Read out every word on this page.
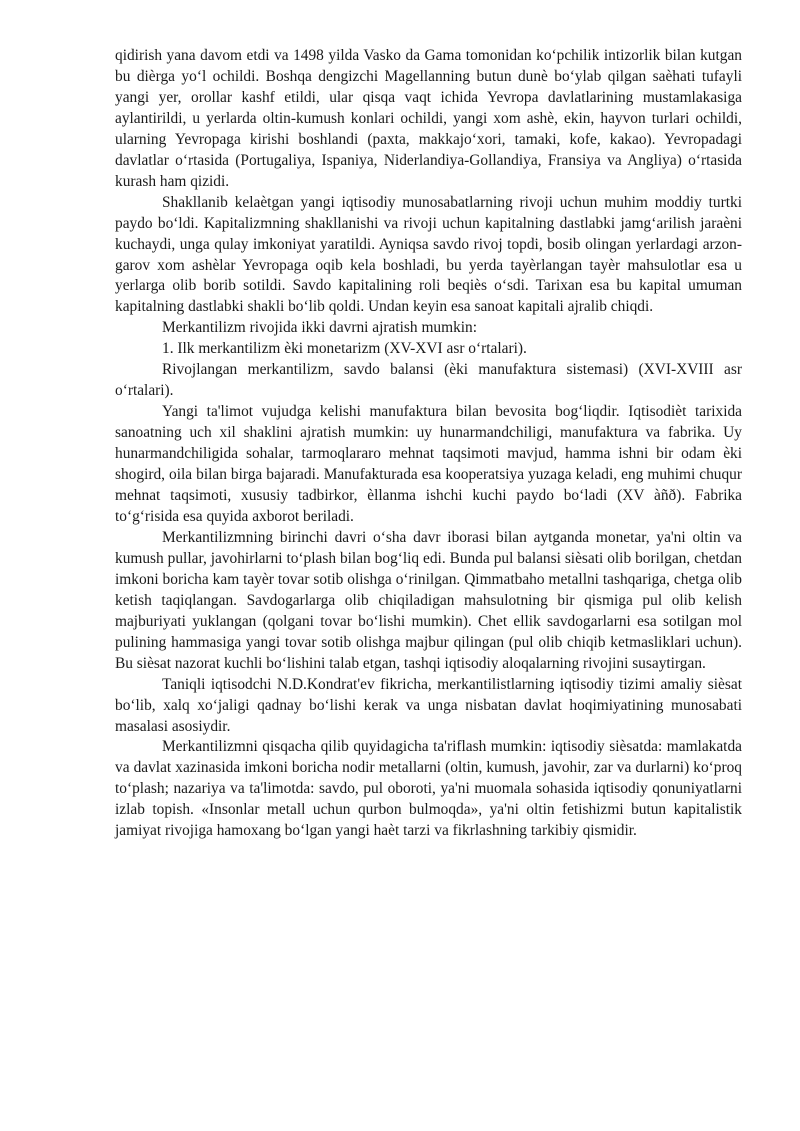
qidirish yana davom etdi va 1498 yilda Vasko da Gama tomonidan koʻpchilik intizorlik bilan kutgan bu dièrga yoʻl ochildi. Boshqa dengizchi Magellanning butun dunè boʻylab qilgan saèhati tufayli yangi yer, orollar kashf etildi, ular qisqa vaqt ichida Yevropa davlatlarining mustamlakasiga aylantirildi, u yerlarda oltin-kumush konlari ochildi, yangi xom ashè, ekin, hayvon turlari ochildi, ularning Yevropaga kirishi boshlandi (paxta, makkajoʻxori, tamaki, kofe, kakao). Yevropadagi davlatlar oʻrtasida (Portugaliya, Ispaniya, Niderlandiya-Gollandiya, Fransiya va Angliya) oʻrtasida kurash ham qizidi.

Shakllanib kelaètgan yangi iqtisodiy munosabatlarning rivoji uchun muhim moddiy turtki paydo boʻldi. Kapitalizmning shakllanishi va rivoji uchun kapitalning dastlabki jamgʻarilish jaraèni kuchaydi, unga qulay imkoniyat yaratildi. Ayniqsa savdo rivoj topdi, bosib olingan yerlardagi arzon-garov xom ashèlar Yevropaga oqib kela boshladi, bu yerda tayèrlangan tayèr mahsulotlar esa u yerlarga olib borib sotildi. Savdo kapitalining roli beqiès oʻsdi. Tarixan esa bu kapital umuman kapitalning dastlabki shakli boʻlib qoldi. Undan keyin esa sanoat kapitali ajralib chiqdi.

Merkantilizm rivojida ikki davrni ajratish mumkin:

1. Ilk merkantilizm èki monetarizm (XV-XVI asr oʻrtalari).

Rivojlangan merkantilizm, savdo balansi (èki manufaktura sistemasi) (XVI-XVIII asr oʻrtalari).

Yangi ta'limot vujudga kelishi manufaktura bilan bevosita bogʻliqdir. Iqtisodièt tarixida sanoatning uch xil shaklini ajratish mumkin: uy hunarmandchiligi, manufaktura va fabrika. Uy hunarmandchiligida sohalar, tarmoqlararo mehnat taqsimoti mavjud, hamma ishni bir odam èki shogird, oila bilan birga bajaradi. Manufakturada esa kooperatsiya yuzaga keladi, eng muhimi chuqur mehnat taqsimoti, xususiy tadbirkor, èllanma ishchi kuchi paydo boʻladi (XV àñð). Fabrika toʻgʻrisida esa quyida axborot beriladi.

Merkantilizmning birinchi davri oʻsha davr iborasi bilan aytganda monetar, ya'ni oltin va kumush pullar, javohirlarni toʻplash bilan bogʻliq edi. Bunda pul balansi sièsati olib borilgan, chetdan imkoni boricha kam tayèr tovar sotib olishga oʻrinilgan. Qimmatbaho metallni tashqariga, chetga olib ketish taqiqlangan. Savdogarlarga olib chiqiladigan mahsulotning bir qismiga pul olib kelish majburiyati yuklangan (qolgani tovar boʻlishi mumkin). Chet ellik savdogarlarni esa sotilgan mol pulining hammasiga yangi tovar sotib olishga majbur qilingan (pul olib chiqib ketmasliklari uchun). Bu sièsat nazorat kuchli boʻlishini talab etgan, tashqi iqtisodiy aloqalarning rivojini susaytirgan.

Taniqli iqtisodchi N.D.Kondrat'ev fikricha, merkantilistlarning iqtisodiy tizimi amaliy sièsat boʻlib, xalq xoʻjaligi qadnay boʻlishi kerak va unga nisbatan davlat hoqimiyatining munosabati masalasi asosiydir.

Merkantilizmni qisqacha qilib quyidagicha ta'riflash mumkin: iqtisodiy sièsatda: mamlakatda va davlat xazinasida imkoni boricha nodir metallarni (oltin, kumush, javohir, zar va durlarni) koʻproq toʻplash; nazariya va ta'limotda: savdo, pul oboroti, ya'ni muomala sohasida iqtisodiy qonuniyatlarni izlab topish. «Insonlar metall uchun qurbon bulmoqda», ya'ni oltin fetishizmi butun kapitalistik jamiyat rivojiga hamoxang boʻlgan yangi haèt tarzi va fikrlashning tarkibiy qismidir.
